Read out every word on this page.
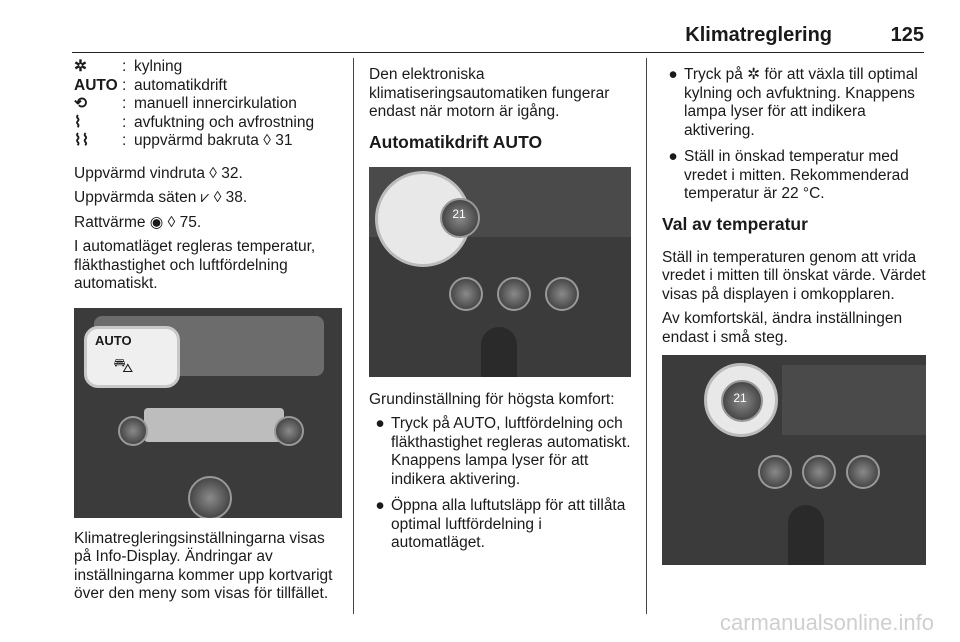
Klimatreglering	125
✲	: kylning
AUTO : automatikdrift
⟲	: manuell innercirkulation
⌇	: avfuktning och avfrostning
⌇⌇	: uppvärmd bakruta ◊ 31

Uppvärmd vindruta ◊ 32.

Uppvärmda säten ⩗ ◊ 38.

Rattvärme ◉ ◊ 75.

I automatläget regleras temperatur, fläkthastighet och luftfördelning automatiskt.

AUTO
⛍

Klimatregleringsinställningarna visas på Info-Display. Ändringar av inställningarna kommer upp kortvarigt över den meny som visas för tillfället.

Den elektroniska klimatiseringsautomatiken fungerar endast när motorn är igång.

Automatikdrift AUTO
21

Grundinställning för högsta komfort:

● Tryck på AUTO, luftfördelning och fläkthastighet regleras automatiskt. Knappens lampa lyser för att indikera aktivering.
● Öppna alla luftutsläpp för att tillåta optimal luftfördelning i automatläget.
● Tryck på ✲ för att växla till optimal kylning och avfuktning. Knappens lampa lyser för att indikera aktivering.
● Ställ in önskad temperatur med vredet i mitten. Rekommenderad temperatur är 22 °C.
Val av temperatur

Ställ in temperaturen genom att vrida vredet i mitten till önskat värde. Värdet visas på displayen i omkopplaren.

Av komfortskäl, ändra inställningen endast i små steg.

21
carmanualsonline.info
